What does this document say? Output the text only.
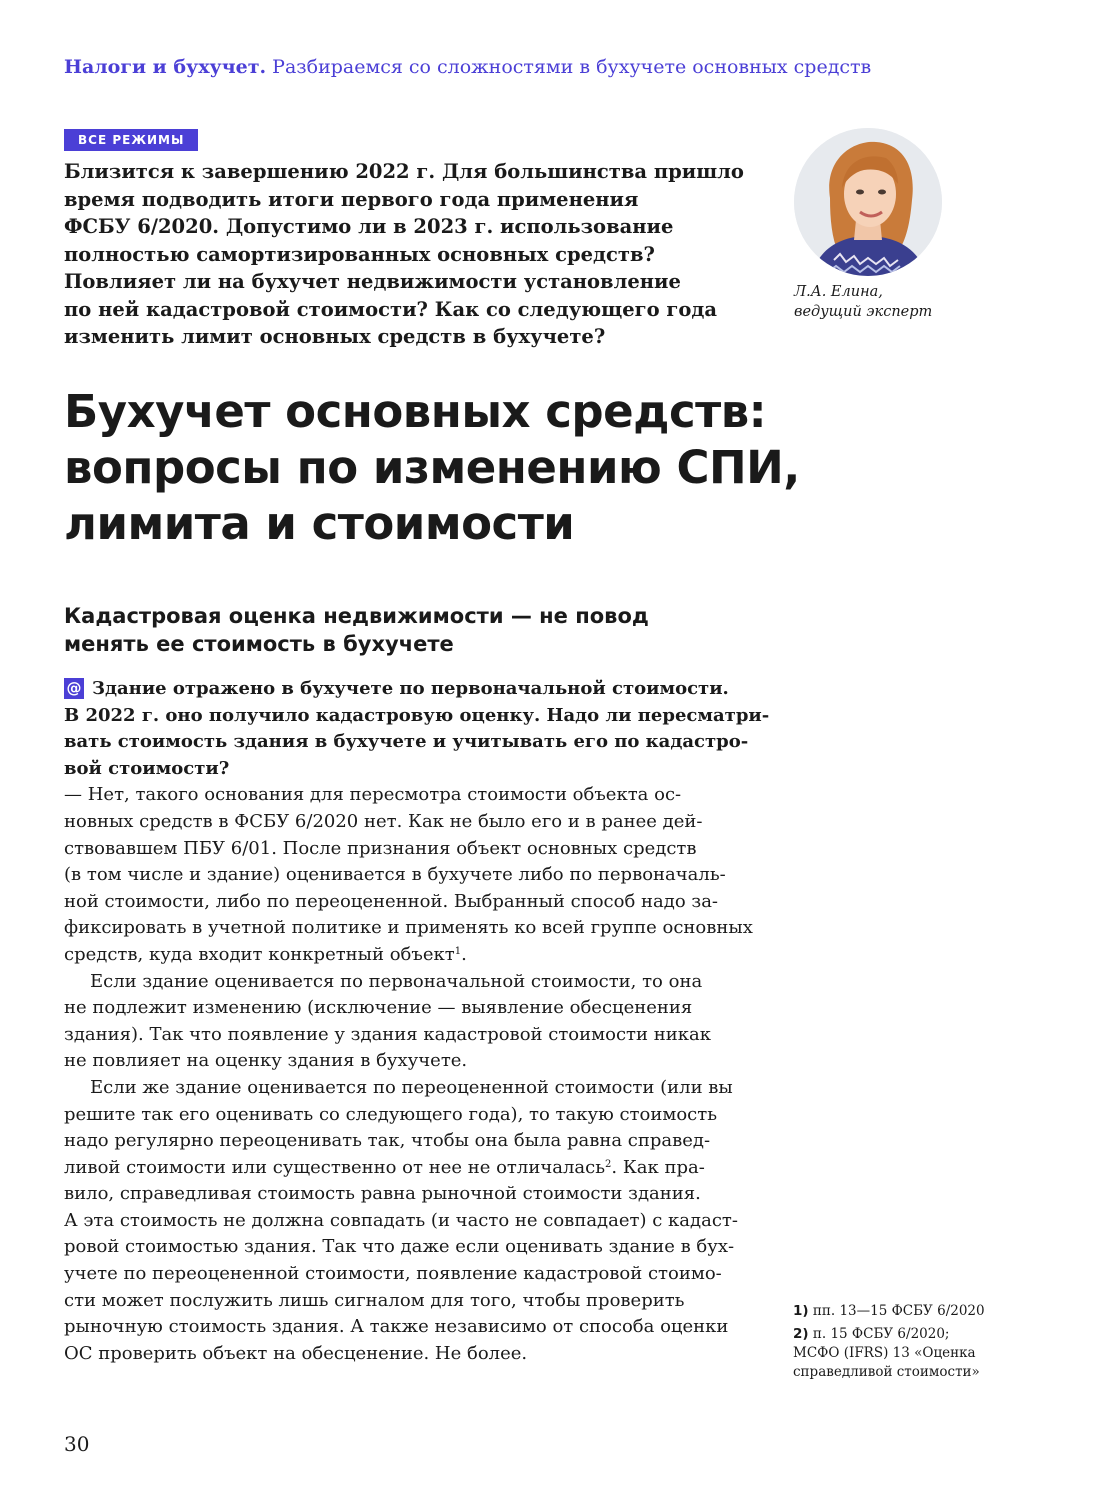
Налоги и бухучет. Разбираемся со сложностями в бухучете основных средств
ВСЕ РЕЖИМЫ
Близится к завершению 2022 г. Для большинства пришло
время подводить итоги первого года применения
ФСБУ 6/2020. Допустимо ли в 2023 г. использование
полностью самортизированных основных средств?
Повлияет ли на бухучет недвижимости установление
по ней кадастровой стоимости? Как со следующего года
изменить лимит основных средств в бухучете?
Л.А. Елина,
ведущий эксперт
Бухучет основных средств:
вопросы по изменению СПИ,
лимита и стоимости
Кадастровая оценка недвижимости — не повод
менять ее стоимость в бухучете
@ Здание отражено в бухучете по первоначальной стоимости.
В 2022 г. оно получило кадастровую оценку. Надо ли пересматри-
вать стоимость здания в бухучете и учитывать его по кадастро-
вой стоимости?
— Нет, такого основания для пересмотра стоимости объекта ос-
новных средств в ФСБУ 6/2020 нет. Как не было его и в ранее дей-
ствовавшем ПБУ 6/01. После признания объект основных средств
(в том числе и здание) оценивается в бухучете либо по первоначаль-
ной стоимости, либо по переоцененной. Выбранный способ надо за-
фиксировать в учетной политике и применять ко всей группе основных
средств, куда входит конкретный объект$^1$.
Если здание оценивается по первоначальной стоимости, то она
не подлежит изменению (исключение — выявление обесценения
здания). Так что появление у здания кадастровой стоимости никак
не повлияет на оценку здания в бухучете.
Если же здание оценивается по переоцененной стоимости (или вы
решите так его оценивать со следующего года), то такую стоимость
надо регулярно переоценивать так, чтобы она была равна справед-
ливой стоимости или существенно от нее не отличалась$^2$. Как пра-
вило, справедливая стоимость равна рыночной стоимости здания.
А эта стоимость не должна совпадать (и часто не совпадает) с кадаст-
ровой стоимостью здания. Так что даже если оценивать здание в бух-
учете по переоцененной стоимости, появление кадастровой стоимо-
сти может послужить лишь сигналом для того, чтобы проверить
рыночную стоимость здания. А также независимо от способа оценки
ОС проверить объект на обесценение. Не более.
1) пп. 13—15 ФСБУ 6/2020
2) п. 15 ФСБУ 6/2020;
МСФО (IFRS) 13 «Оценка
справедливой стоимости»
30
